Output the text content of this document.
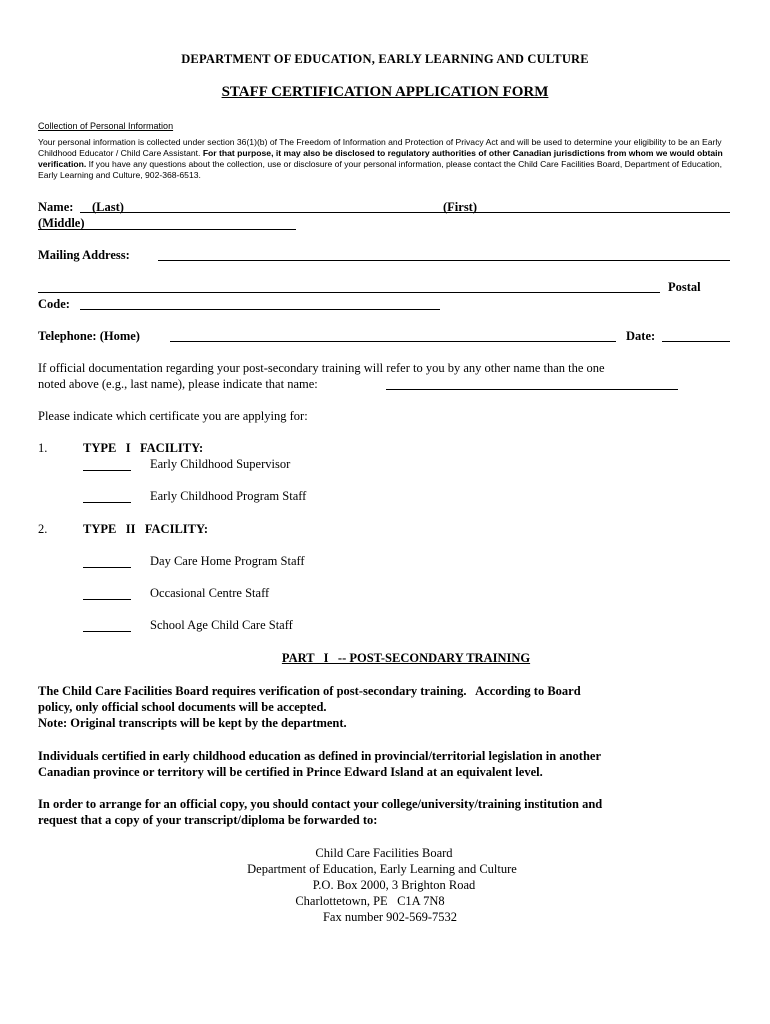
DEPARTMENT OF EDUCATION, EARLY LEARNING AND CULTURE
STAFF CERTIFICATION APPLICATION FORM
Collection of Personal Information
Your personal information is collected under section 36(1)(b) of The Freedom of Information and Protection of Privacy Act and will be used to determine your eligibility to be an Early Childhood Educator / Child Care Assistant. For that purpose, it may also be disclosed to regulatory authorities of other Canadian jurisdictions from whom we would obtain verification. If you have any questions about the collection, use or disclosure of your personal information, please contact the Child Care Facilities Board, Department of Education, Early Learning and Culture, 902-368-6513.
Name: (Last)	(First)
(Middle)
Mailing Address:
Postal
Code:
Telephone: (Home)	Date:
If official documentation regarding your post-secondary training will refer to you by any other name than the one
noted above (e.g., last name), please indicate that name:
Please indicate which certificate you are applying for:
1.	TYPE   I   FACILITY:
Early Childhood Supervisor
Early Childhood Program Staff
2.	TYPE   II   FACILITY:
Day Care Home Program Staff
Occasional Centre Staff
School Age Child Care Staff
PART   I   -- POST-SECONDARY TRAINING
The Child Care Facilities Board requires verification of post-secondary training.   According to Board
policy, only official school documents will be accepted.
Note: Original transcripts will be kept by the department.
Individuals certified in early childhood education as defined in provincial/territorial legislation in another
Canadian province or territory will be certified in Prince Edward Island at an equivalent level.
In order to arrange for an official copy, you should contact your college/university/training institution and
request that a copy of your transcript/diploma be forwarded to:
Child Care Facilities Board
Department of Education, Early Learning and Culture
P.O. Box 2000, 3 Brighton Road
Charlottetown, PE   C1A 7N8
Fax number 902-569-7532
